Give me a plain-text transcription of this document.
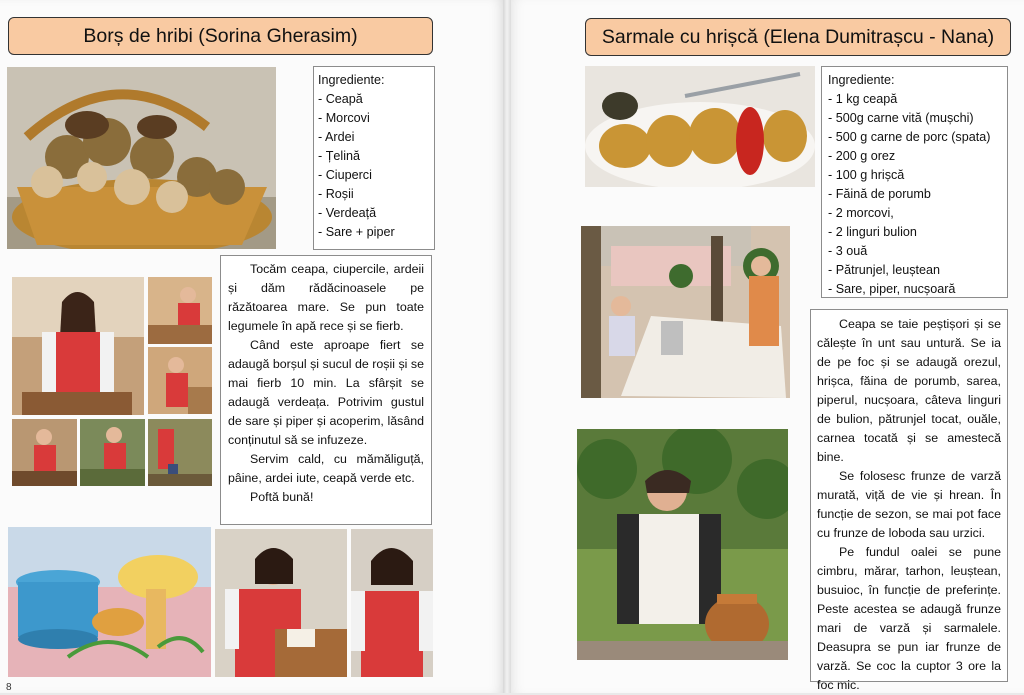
Borș de hribi (Sorina Gherasim)
Ingrediente:
- Ceapă
- Morcovi
- Ardei
- Țelină
- Ciuperci
- Roșii
- Verdeață
- Sare + piper

Tocăm ceapa, ciupercile, ardeii și dăm rădăcinoasele pe răzătoarea mare. Se pun toate legumele în apă rece și se fierb.

Când este aproape fiert se adaugă borșul și sucul de roșii și se mai fierb 10 min. La sfârșit se adaugă verdeața. Potrivim gustul de sare și piper și acoperim, lăsând conținutul să se infuzeze.

Servim cald, cu mămăliguță, pâine, ardei iute, ceapă verde etc.

Poftă bună!

8
Sarmale cu hrișcă (Elena Dumitrașcu - Nana)
Ingrediente:
- 1 kg ceapă
- 500g carne vită (mușchi)
- 500 g carne de porc (spata)
- 200 g orez
- 100 g hrișcă
- Făină de porumb
- 2 morcovi,
- 2 linguri bulion
- 3 ouă
- Pătrunjel, leuștean
- Sare, piper, nucșoară

Ceapa se taie peștișori și se călește în unt sau untură. Se ia de pe foc și se adaugă orezul, hrișca, făina de porumb, sarea, piperul, nucșoara, câteva linguri de bulion, pătrunjel tocat, ouăle, carnea tocată și se amestecă bine.

Se folosesc frunze de varză murată, viță de vie și hrean. În funcție de sezon, se mai pot face cu frunze de loboda sau urzici.

Pe fundul oalei se pune cimbru, mărar, tarhon, leuștean, busuioc, în funcție de preferințe. Peste acestea se adaugă frunze mari de varză și sarmalele. Deasupra se pun iar frunze de varză. Se coc la cuptor 3 ore la foc mic.
